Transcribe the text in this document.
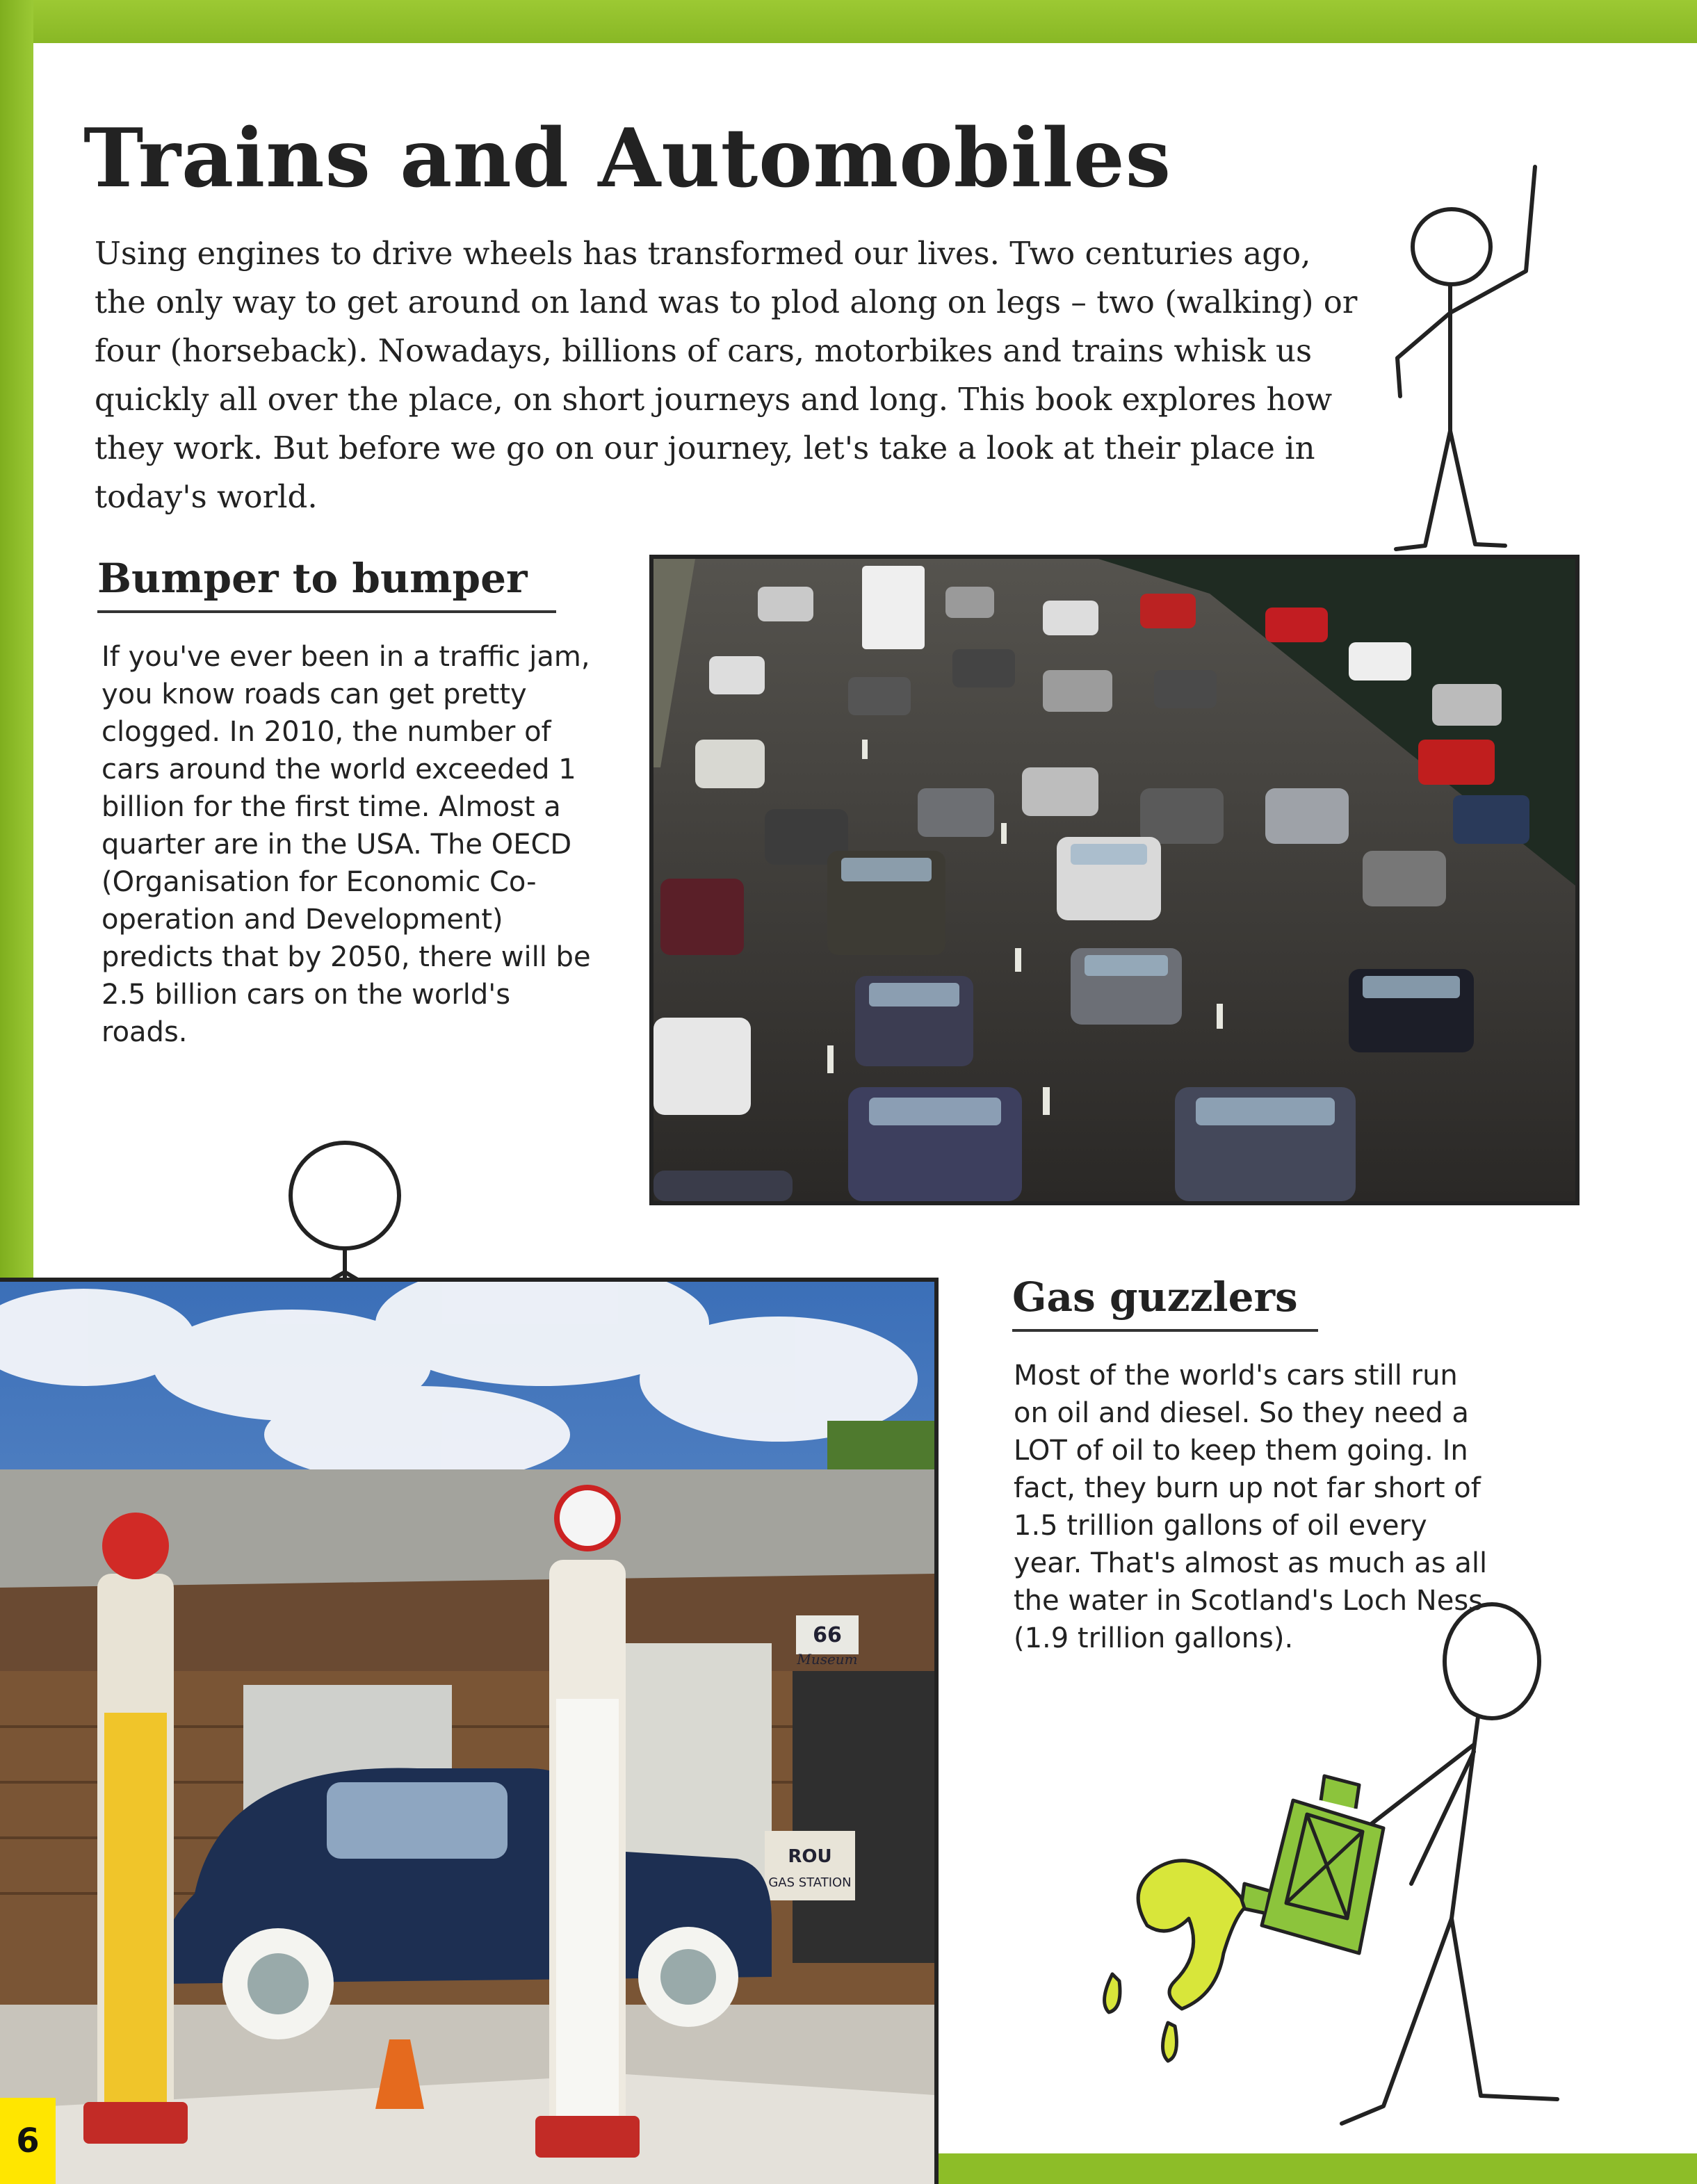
Trains and Automobiles

Using engines to drive wheels has transformed our lives. Two centuries ago, the only way to get around on land was to plod along on legs – two (walking) or four (horseback). Nowadays, billions of cars, motorbikes and trains whisk us quickly all over the place, on short journeys and long. This book explores how they work. But before we go on our journey, let's take a look at their place in today's world.

Bumper to bumper

If you've ever been in a traffic jam, you know roads can get pretty clogged. In 2010, the number of cars around the world exceeded 1 billion for the first time. Almost a quarter are in the USA. The OECD (Organisation for Economic Co-operation and Development) predicts that by 2050, there will be 2.5 billion cars on the world's roads.

66
Museum
ROU
GAS STATION
Gas guzzlers

Most of the world's cars still run on oil and diesel. So they need a LOT of oil to keep them going. In fact, they burn up not far short of 1.5 trillion gallons of oil every year. That's almost as much as all the water in Scotland's Loch Ness (1.9 trillion gallons).

6
